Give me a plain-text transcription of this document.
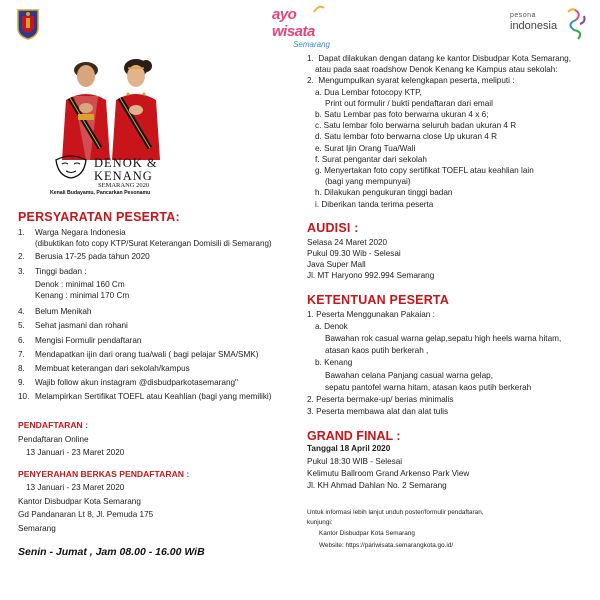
ayo wisata
Semarang
pesona
indonesia
DENOK &
KENANG
SEMARANG 2020
Kenali Budayamu, Pancarkan Pesonamu
PERSYARATAN PESERTA:
1.	Warga Negara Indonesia
(dibuktikan foto copy KTP/Surat Keterangan Domisili di Semarang)
2.	Berusia 17-25 pada tahun 2020
3.	Tinggi badan :
Denok : minimal 160 Cm
Kenang : minimal 170 Cm
4.	Belum Menikah
5.	Sehat jasmani dan rohani
6.	Mengisi Formulir pendaftaran
7.	Mendapatkan ijin dari orang tua/wali ( bagi pelajar SMA/SMK)
8.	Membuat keterangan dari sekolah/kampus
9.	Wajib follow akun instagram @disbudparkotasemarang"
10. Melampirkan Sertifikat TOEFL atau Keahlian (bagi yang memiliki)
PENDAFTARAN :
Pendaftaran Online
13 Januari - 23 Maret 2020
PENYERAHAN BERKAS PENDAFTARAN :
13 Januari - 23 Maret 2020
Kantor Disbudpar Kota Semarang
Gd Pandanaran Lt 8, Jl. Pemuda 175
Semarang
Senin - Jumat , Jam 08.00 - 16.00 WiB
1.  Dapat dilakukan dengan datang ke kantor Disbudpar Kota Semarang,
atau pada saat roadshow Denok Kenang ke Kampus atau sekolah:
2.  Mengumpulkan syarat kelengkapan peserta, meliputi :
a. Dua Lembar fotocopy KTP,
Print out formulir / bukti pendaftaran dari email
b. Satu Lembar pas foto berwarna ukuran 4 x 6;
c. Satu lembar folo berwarna seluruh badan ukuran 4 R
d. Satu lembar foto berwarna close Up ukuran 4 R
e. Surat Ijin Orang Tua/Wali
f. Surat pengantar dari sekolah
g. Menyertakan foto copy sertifikat TOEFL atau keahlian lain
(bagi yang mempunyai)
h. Dilakukan pengukuran tinggi badan
i. Diberikan tanda terima peserta
AUDISI :
Selasa 24 Maret 2020
Pukul 09.30 Wib - Selesai
Java Super Mall
Jl. MT Haryono 992.994 Semarang
KETENTUAN PESERTA
1. Peserta Menggunakan Pakaian :
a. Denok
Bawahan rok casual warna gelap,sepatu high heels warna hitam,
atasan kaos putih berkerah ,
b. Kenang
Bawahan celana Panjang casual warna gelap,
sepatu pantofel warna hitam, atasan kaos putih berkerah
2. Peserta bermake-up/ berias minimalis
3. Peserta membawa alat dan alat tulis
GRAND FINAL :
Tanggal 18 April 2020
Pukul 18:30 WIB - Selesai
Kelimutu Ballroom Grand Arkenso Park View
Jl. KH Ahmad Dahlan No. 2 Semarang
Untuk informasi lebih lanjut unduh poster/formulir pendaftaran,
kunjungi:
Kantor Disbudpar Kota Semarang
Website: https://pariwisata.semarangkota.go.id/
